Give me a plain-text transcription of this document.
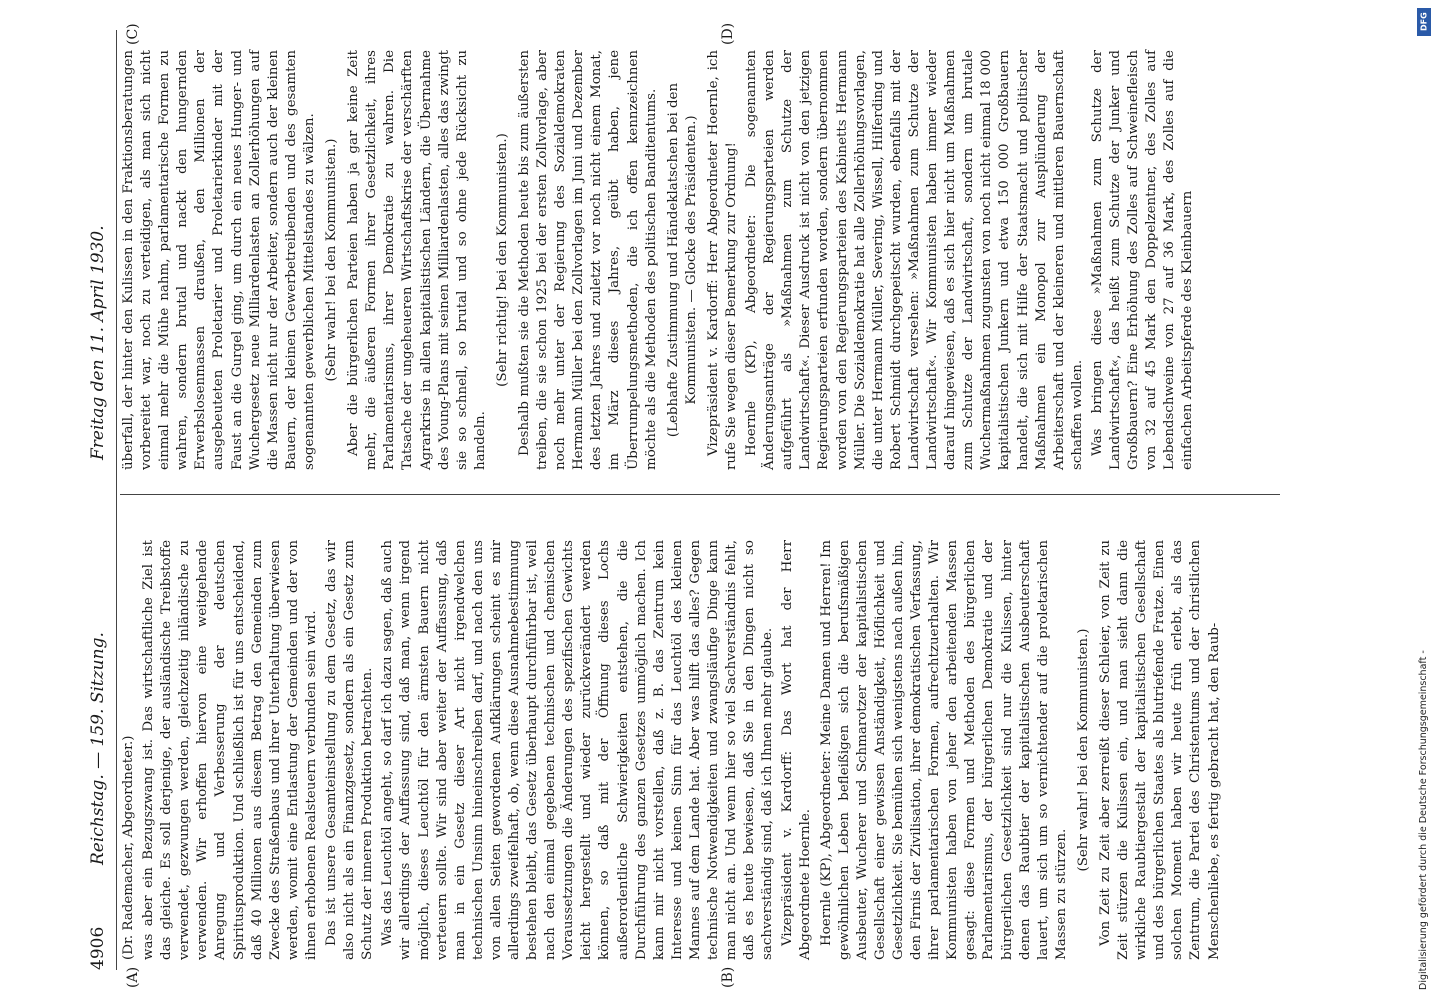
4906
Reichstag. — 159. Sitzung.
Freitag den 11. April 1930.
(A)	(B)
(C)	(D)

(Dr. Rademacher, Abgeordneter.) was aber ein Bezugszwang ist. Das wirtschaftliche Ziel ist das gleiche. Es soll derjenige, der ausländische Treibstoffe verwendet, gezwungen werden, gleichzeitig inländische zu verwenden. Wir erhoffen hiervon eine weitgehende Anregung und Verbesserung der deutschen Spiritusproduktion. Und schließlich ist für uns entscheidend, daß 40 Millionen aus diesem Betrag den Gemeinden zum Zwecke des Straßenbaus und ihrer Unterhaltung überwiesen werden, womit eine Entlastung der Gemeinden und der von ihnen erhobenen Realsteuern verbunden sein wird. Das ist unsere Gesamteinstellung zu dem Gesetz, das wir also nicht als ein Finanzgesetz, sondern als ein Gesetz zum Schutz der inneren Produktion betrachten. Was das Leuchtöl angeht, so darf ich dazu sagen, daß auch wir allerdings der Auffassung sind, daß man, wenn irgend möglich, dieses Leuchtöl für den ärmsten Bauern nicht verteuern sollte. Wir sind aber weiter der Auffassung, daß man in ein Gesetz dieser Art nicht irgendwelchen technischen Unsinn hineinschreiben darf, und nach den uns von allen Seiten gewordenen Aufklärungen scheint es mir allerdings zweifelhaft, ob, wenn diese Ausnahmebestimmung bestehen bleibt, das Gesetz überhaupt durchführbar ist, weil nach den einmal gegebenen technischen und chemischen Voraussetzungen die Änderungen des spezifischen Gewichts leicht hergestellt und wieder zurückverändert werden können, so daß mit der Öffnung dieses Lochs außerordentliche Schwierigkeiten entstehen, die die Durchführung des ganzen Gesetzes unmöglich machen. Ich kann mir nicht vorstellen, daß z. B. das Zentrum kein Interesse und keinen Sinn für das Leuchtöl des kleinen Mannes auf dem Lande hat. Aber was hilft das alles? Gegen technische Notwendigkeiten und zwangsläufige Dinge kann man nicht an. Und wenn hier so viel Sachverständnis fehlt, daß es heute bewiesen, daß Sie in den Dingen nicht so sachverständig sind, daß ich Ihnen mehr glaube. Vizepräsident v. Kardorff: Das Wort hat der Herr Abgeordnete Hoernle. Hoernle (KP), Abgeordneter: Meine Damen und Herren! Im gewöhnlichen Leben befleißigen sich die berufsmäßigen Ausbeuter, Wucherer und Schmarotzer der kapitalistischen Gesellschaft einer gewissen Anständigkeit, Höflichkeit und Gesetzlichkeit. Sie bemühen sich wenigstens nach außen hin, den Firnis der Zivilisation, ihrer demokratischen Verfassung, ihrer parlamentarischen Formen, aufrechtzuerhalten. Wir Kommunisten haben von jeher den arbeitenden Massen gesagt: diese Formen und Methoden des bürgerlichen Parlamentarismus, der bürgerlichen Demokratie und der bürgerlichen Gesetzlichkeit sind nur die Kulissen, hinter denen das Raubtier der kapitalistischen Ausbeuterschaft lauert, um sich um so vernichtender auf die proletarischen Massen zu stürzen.

(Sehr wahr! bei den Kommunisten.) Von Zeit zu Zeit aber zerreißt dieser Schleier, von Zeit zu Zeit stürzen die Kulissen ein, und man sieht dann die wirkliche Raubtiergestalt der kapitalistischen Gesellschaft und des bürgerlichen Staates als blutriefende Fratze. Einen solchen Moment haben wir heute früh erlebt, als das Zentrum, die Partei des Christentums und der christlichen Menschenliebe, es fertig gebracht hat, den Raub-

überfall, der hinter den Kulissen in den Fraktionsberatungen vorbereitet war, noch zu verteidigen, als man sich nicht einmal mehr die Mühe nahm, parlamentarische Formen zu wahren, sondern brutal und nackt den hungernden Erwerbslosenmassen draußen, den Millionen der ausgebeuteten Proletarier und Proletarierkinder mit der Faust an die Gurgel ging, um durch ein neues Hunger- und Wuchergesetz neue Milliardenlasten an Zollerhöhungen auf die Massen nicht nur der Arbeiter, sondern auch der kleinen Bauern, der kleinen Gewerbetreibenden und des gesamten sogenannten gewerblichen Mittelstandes zu wälzen. (Sehr wahr! bei den Kommunisten.) Aber die bürgerlichen Parteien haben ja gar keine Zeit mehr, die äußeren Formen ihrer Gesetzlichkeit, ihres Parlamentarismus, ihrer Demokratie zu wahren. Die Tatsache der ungeheueren Wirtschaftskrise der verschärften Agrarkrise in allen kapitalistischen Ländern, die Übernahme des Young-Plans mit seinen Milliardenlasten, alles das zwingt sie so schnell, so brutal und so ohne jede Rücksicht zu handeln.

(Sehr richtig! bei den Kommunisten.) Deshalb mußten sie die Methoden heute bis zum äußersten treiben, die sie schon 1925 bei der ersten Zollvorlage, aber noch mehr unter der Regierung des Sozialdemokraten Hermann Müller bei den Zollvorlagen im Juni und Dezember des letzten Jahres und zuletzt vor noch nicht einem Monat, im März dieses Jahres, geübt haben, jene Überrumpelungsmethoden, die ich offen kennzeichnen möchte als die Methoden des politischen Banditentums. (Lebhafte Zustimmung und Händeklatschen bei den Kommunisten. — Glocke des Präsidenten.) Vizepräsident v. Kardorff: Herr Abgeordneter Hoernle, ich rufe Sie wegen dieser Bemerkung zur Ordnung! Hoernle (KP), Abgeordneter: Die sogenannten Änderungsanträge der Regierungsparteien werden aufgeführt als »Maßnahmen zum Schutze der Landwirtschaft«. Dieser Ausdruck ist nicht von den jetzigen Regierungsparteien erfunden worden, sondern übernommen worden von den Regierungsparteien des Kabinetts Hermann Müller. Die Sozialdemokratie hat alle Zollerhöhungsvorlagen, die unter Hermann Müller, Severing, Wissell, Hilferding und Robert Schmidt durchgepeitscht wurden, ebenfalls mit der Landwirtschaft versehen: »Maßnahmen zum Schutze der Landwirtschaft«. Wir Kommunisten haben immer wieder darauf hingewiesen, daß es sich hier nicht um Maßnahmen zum Schutze der Landwirtschaft, sondern um brutale Wuchermaßnahmen zugunsten von noch nicht einmal 18 000 kapitalistischen Junkern und etwa 150 000 Großbauern handelt, die sich mit Hilfe der Staatsmacht und politischer Maßnahmen ein Monopol zur Ausplünderung der Arbeiterschaft und der kleineren und mittleren Bauernschaft schaffen wollen. Was bringen diese »Maßnahmen zum Schutze der Landwirtschaft«, das heißt zum Schutze der Junker und Großbauern? Eine Erhöhung des Zolles auf Schweinefleisch von 32 auf 45 Mark den Doppelzentner, des Zolles auf Lebendschweine von 27 auf 36 Mark, des Zolles auf die einfachen Arbeitspferde des Kleinbauern

Digitalisierung gefördert durch die Deutsche Forschungsgemeinschaft -
DFG
